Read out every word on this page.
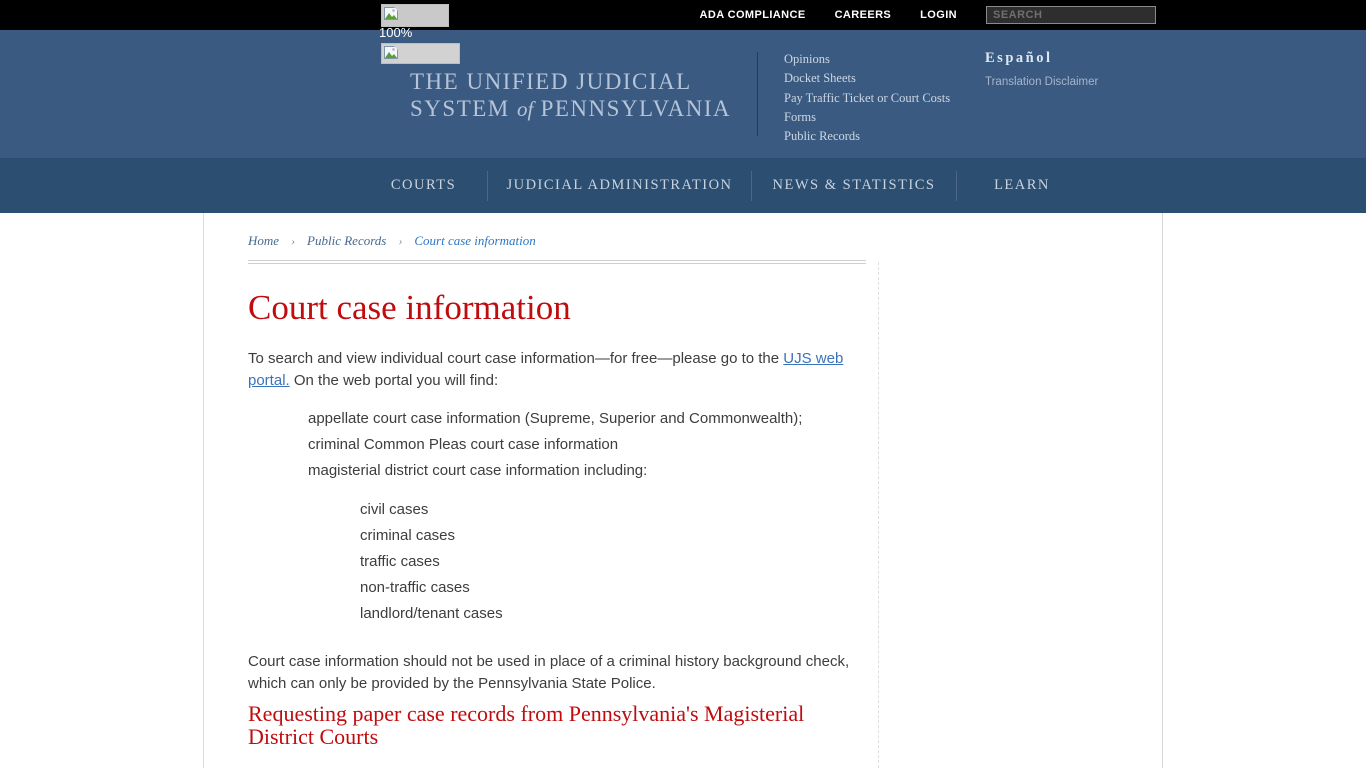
ADA COMPLIANCE	CAREERS	LOGIN
SEARCH
100%
THE UNIFIED JUDICIAL
SYSTEM of PENNSYLVANIA
Opinions
Docket Sheets
Pay Traffic Ticket or Court Costs
Forms
Public Records
Español
Translation Disclaimer
COURTS	JUDICIAL ADMINISTRATION	NEWS & STATISTICS	LEARN
Home › Public Records › Court case information
Court case information

To search and view individual court case information—for free—please go to the UJS web portal. On the web portal you will find:

appellate court case information (Supreme, Superior and Commonwealth);
criminal Common Pleas court case information
magisterial district court case information including:
civil cases
criminal cases
traffic cases
non-traffic cases
landlord/tenant cases

Court case information should not be used in place of a criminal history background check, which can only be provided by the Pennsylvania State Police.

Requesting paper case records from Pennsylvania's Magisterial District Courts
